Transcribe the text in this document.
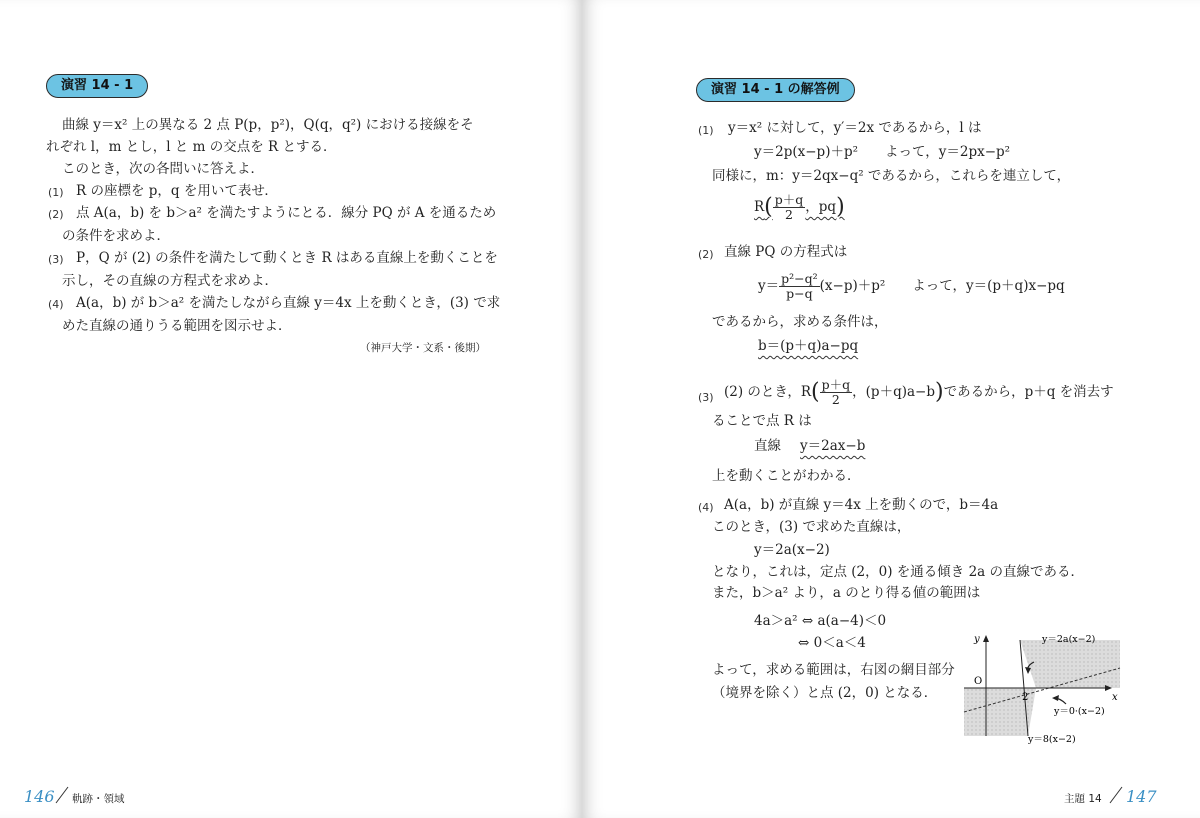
演習 14 - 1
曲線 y＝x² 上の異なる 2 点 P(p，p²)，Q(q，q²) における接線をそ
れぞれ l，m とし，l と m の交点を R とする．
このとき，次の各問いに答えよ．
(1) R の座標を p，q を用いて表せ．
(2) 点 A(a，b) を b＞a² を満たすようにとる．線分 PQ が A を通るため
の条件を求めよ．
(3) P，Q が (2) の条件を満たして動くとき R はある直線上を動くことを
示し，その直線の方程式を求めよ．
(4) A(a，b) が b＞a² を満たしながら直線 y＝4x 上を動くとき，(3) で求
めた直線の通りうる範囲を図示せよ．
（神戸大学・文系・後期）
146 軌跡・領域
演習 14 - 1 の解答例
(1) y＝x² に対して，y′＝2x であるから，l は
y＝2p(x−p)＋p²　　よって，y＝2px−p²
同様に，m：y＝2qx−q² であるから，これらを連立して，
$R( \frac{p+q}{2}$ ，pq)
(2) 直線 PQ の方程式は
$y= \frac{\text{p²−q²}}{p-q} (x-p)+p^2$　　よって，y＝(p＋q)x−pq
であるから，求める条件は，
b＝(p＋q)a−pq
(3) (2) のとき，$R( \frac{p+q}{2}$ ，(p＋q)a−b)であるから，p＋q を消去す
ることで点 R は
直線 y＝2ax−b
上を動くことがわかる．
(4) A(a，b) が直線 y＝4x 上を動くので，b＝4a
このとき，(3) で求めた直線は，
y＝2a(x−2)
となり，これは，定点 (2，0) を通る傾き 2a の直線である．
また，b＞a² より，a のとり得る値の範囲は
4a＞a² ⇔ a(a−4)＜0
⇔ 0＜a＜4
よって，求める範囲は，右図の網目部分
（境界を除く）と点 (2，0) となる．
y
x
O
2
y＝2a(x−2)
y＝0·(x−2)
y＝8(x−2)
主題 14 147
